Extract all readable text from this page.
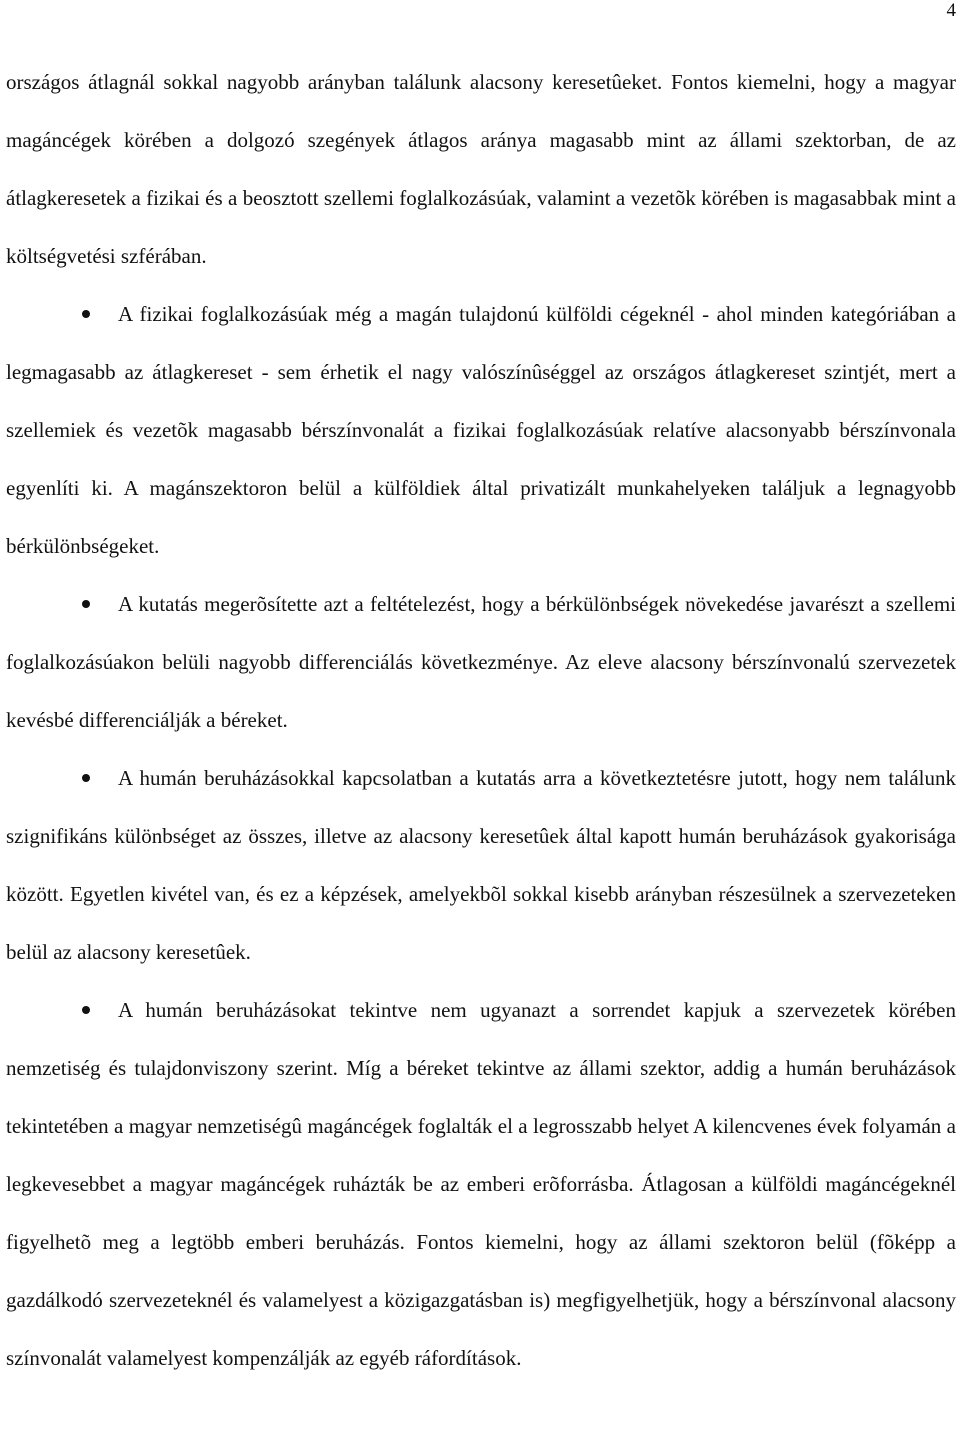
4

országos átlagnál sokkal nagyobb arányban találunk alacsony keresetûeket. Fontos kiemelni, hogy a magyar magáncégek körében a dolgozó szegények átlagos aránya magasabb mint az állami szektorban, de az átlagkeresetek a fizikai és a beosztott szellemi foglalkozásúak, valamint a vezetõk körében is magasabbak mint a költségvetési szférában.

A fizikai foglalkozásúak még a magán tulajdonú külföldi cégeknél - ahol minden kategóriában a legmagasabb az átlagkereset - sem érhetik el nagy valószínûséggel az országos átlagkereset szintjét, mert a szellemiek és vezetõk magasabb bérszínvonalát a fizikai foglalkozásúak relatíve alacsonyabb bérszínvonala egyenlíti ki. A magánszektoron belül a külföldiek által privatizált munkahelyeken találjuk a legnagyobb bérkülönbségeket.

A kutatás megerõsítette azt a feltételezést, hogy a bérkülönbségek növekedése javarészt a szellemi foglalkozásúakon belüli nagyobb differenciálás következménye. Az eleve alacsony bérszínvonalú szervezetek kevésbé differenciálják a béreket.

A humán beruházásokkal kapcsolatban a kutatás arra a következtetésre jutott, hogy nem találunk szignifikáns különbséget az összes, illetve az alacsony keresetûek által kapott humán beruházások gyakorisága között. Egyetlen kivétel van, és ez a képzések, amelyekbõl sokkal kisebb arányban részesülnek a szervezeteken belül az alacsony keresetûek.

A humán beruházásokat tekintve nem ugyanazt a sorrendet kapjuk a szervezetek körében nemzetiség és tulajdonviszony szerint. Míg a béreket tekintve az állami szektor, addig a humán beruházások tekintetében a magyar nemzetiségû magáncégek foglalták el a legrosszabb helyet A kilencvenes évek folyamán a legkevesebbet a magyar magáncégek ruházták be az emberi erõforrásba. Átlagosan a külföldi magáncégeknél figyelhetõ meg a legtöbb emberi beruházás. Fontos kiemelni, hogy az állami szektoron belül (fõképp a gazdálkodó szervezeteknél és valamelyest a közigazgatásban is) megfigyelhetjük, hogy a bérszínvonal alacsony színvonalát valamelyest kompenzálják az egyéb ráfordítások.
